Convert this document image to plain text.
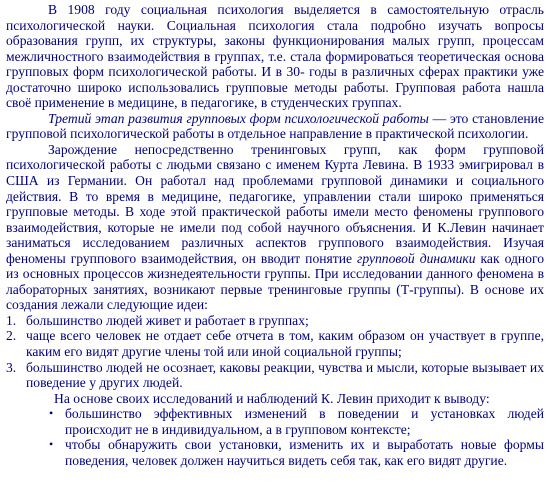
В 1908 году социальная психология выделяется в самостоятельную отрасль психологической науки. Социальная психология стала подробно изучать вопросы образования групп, их структуры, законы функционирования малых групп, процессам межличностного взаимодействия в группах, т.е. стала формироваться теоретическая основа групповых форм психологической работы. И в 30- годы в различных сферах практики уже достаточно широко использовались групповые методы работы. Групповая работа нашла своё применение в медицине, в педагогике, в студенческих группах.

Третий этап развития групповых форм психологической работы — это становление групповой психологической работы в отдельное направление в практической психологии.

Зарождение непосредственно тренинговых групп, как форм групповой психологической работы с людьми связано с именем Курта Левина. В 1933 эмигрировал в США из Германии. Он работал над проблемами групповой динамики и социального действия. В то время в медицине, педагогике, управлении стали широко применяться групповые методы. В ходе этой практической работы имели место феномены группового взаимодействия, которые не имели под собой научного объяснения. И К.Левин начинает заниматься исследованием различных аспектов группового взаимодействия. Изучая феномены группового взаимодействия, он вводит понятие групповой динамики как одного из основных процессов жизнедеятельности группы. При исследовании данного феномена в лабораторных занятиях, возникают первые тренинговые группы (Т-группы). В основе их создания лежали следующие идеи:

1. большинство людей живет и работает в группах;
2. чаще всего человек не отдает себе отчета в том, каким образом он участвует в группе, каким его видят другие члены той или иной социальной группы;
3. большинство людей не осознает, каковы реакции, чувства и мысли, которые вызывает их поведение у других людей.

На основе своих исследований и наблюдений К. Левин приходит к выводу:

• большинство эффективных изменений в поведении и установках людей происходит не в индивидуальном, а в групповом контексте;
• чтобы обнаружить свои установки, изменить их и выработать новые формы поведения, человек должен научиться видеть себя так, как его видят другие.
